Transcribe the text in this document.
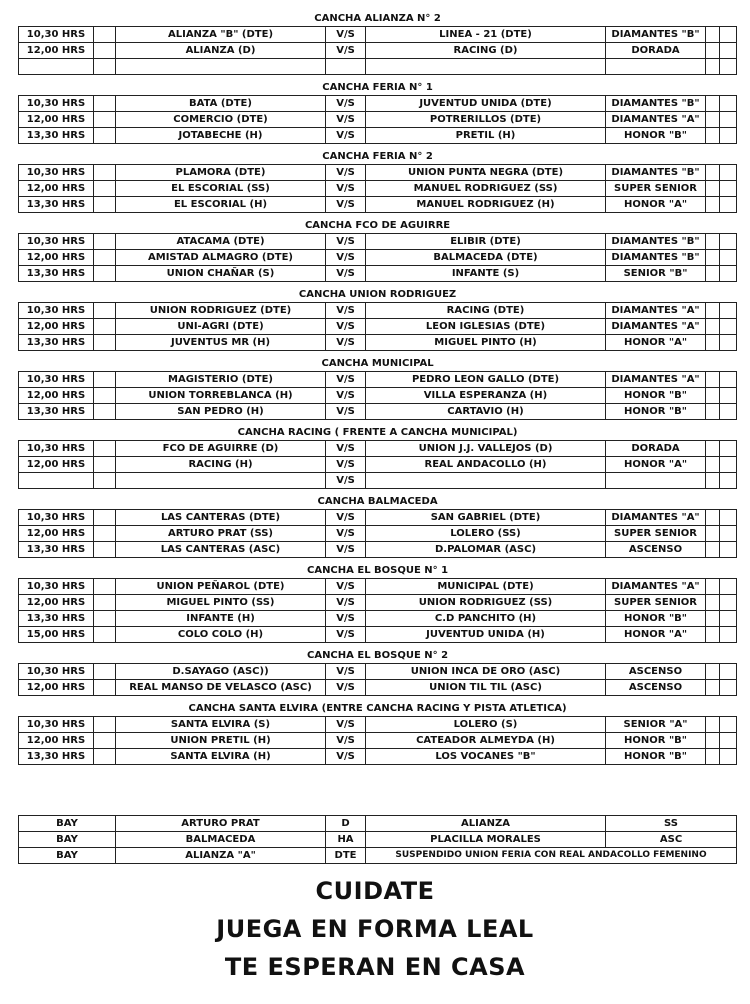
CANCHA ALIANZA N° 2							
10,30 HRS		ALIANZA "B" (DTE)	V/S	LINEA - 21 (DTE)	DIAMANTES "B"		
12,00 HRS		ALIANZA (D)	V/S	RACING (D)	DORADA		

CANCHA FERIA N° 1							
10,30 HRS		BATA (DTE)	V/S	JUVENTUD UNIDA (DTE)	DIAMANTES "B"		
12,00 HRS		COMERCIO (DTE)	V/S	POTRERILLOS (DTE)	DIAMANTES "A"		
13,30 HRS		JOTABECHE (H)	V/S	PRETIL (H)	HONOR "B"		

CANCHA FERIA N° 2							
10,30 HRS		PLAMORA (DTE)	V/S	UNION PUNTA NEGRA (DTE)	DIAMANTES "B"		
12,00 HRS		EL ESCORIAL (SS)	V/S	MANUEL RODRIGUEZ (SS)	SUPER SENIOR		
13,30 HRS		EL ESCORIAL (H)	V/S	MANUEL RODRIGUEZ (H)	HONOR "A"		

CANCHA FCO DE AGUIRRE							
10,30 HRS		ATACAMA (DTE)	V/S	ELIBIR (DTE)	DIAMANTES "B"		
12,00 HRS		AMISTAD ALMAGRO (DTE)	V/S	BALMACEDA (DTE)	DIAMANTES "B"		
13,30 HRS		UNION CHAÑAR (S)	V/S	INFANTE (S)	SENIOR "B"		

CANCHA UNION RODRIGUEZ							
10,30 HRS		UNION RODRIGUEZ (DTE)	V/S	RACING (DTE)	DIAMANTES "A"		
12,00 HRS		UNI-AGRI (DTE)	V/S	LEON IGLESIAS (DTE)	DIAMANTES "A"		
13,30 HRS		JUVENTUS MR (H)	V/S	MIGUEL PINTO (H)	HONOR "A"		

CANCHA MUNICIPAL							
10,30 HRS		MAGISTERIO (DTE)	V/S	PEDRO LEON GALLO (DTE)	DIAMANTES "A"		
12,00 HRS		UNION TORREBLANCA (H)	V/S	VILLA ESPERANZA (H)	HONOR "B"		
13,30 HRS		SAN PEDRO (H)	V/S	CARTAVIO (H)	HONOR "B"		

CANCHA RACING ( FRENTE A CANCHA MUNICIPAL)							
10,30 HRS		FCO DE AGUIRRE (D)	V/S	UNION J.J. VALLEJOS (D)	DORADA		
12,00 HRS		RACING (H)	V/S	REAL ANDACOLLO (H)	HONOR "A"		
			V/S				

CANCHA BALMACEDA							
10,30 HRS		LAS CANTERAS (DTE)	V/S	SAN GABRIEL (DTE)	DIAMANTES "A"		
12,00 HRS		ARTURO PRAT (SS)	V/S	LOLERO (SS)	SUPER SENIOR		
13,30 HRS		LAS CANTERAS (ASC)	V/S	D.PALOMAR (ASC)	ASCENSO		

CANCHA EL BOSQUE N° 1							
10,30 HRS		UNION PEÑAROL (DTE)	V/S	MUNICIPAL (DTE)	DIAMANTES "A"		
12,00 HRS		MIGUEL PINTO (SS)	V/S	UNION RODRIGUEZ (SS)	SUPER SENIOR		
13,30 HRS		INFANTE (H)	V/S	C.D PANCHITO (H)	HONOR "B"		
15,00 HRS		COLO COLO (H)	V/S	JUVENTUD UNIDA (H)	HONOR "A"		

CANCHA EL BOSQUE N° 2							
10,30 HRS		D.SAYAGO (ASC))	V/S	UNION INCA DE ORO (ASC)	ASCENSO		
12,00 HRS		REAL MANSO DE VELASCO (ASC)	V/S	UNION TIL TIL (ASC)	ASCENSO		

CANCHA SANTA ELVIRA (ENTRE CANCHA RACING Y PISTA ATLETICA)							
10,30 HRS		SANTA ELVIRA (S)	V/S	LOLERO (S)	SENIOR "A"		
12,00 HRS		UNION PRETIL (H)	V/S	CATEADOR ALMEYDA (H)	HONOR "B"		
13,30 HRS		SANTA ELVIRA (H)	V/S	LOS VOCANES "B"	HONOR "B"		
BAY	ARTURO PRAT	D	ALIANZA	SS
BAY	BALMACEDA	HA	PLACILLA MORALES	ASC
BAY	ALIANZA "A"	DTE	SUSPENDIDO UNION FERIA CON REAL ANDACOLLO FEMENINO	
CUIDATE
JUEGA EN FORMA LEAL
TE ESPERAN EN CASA
